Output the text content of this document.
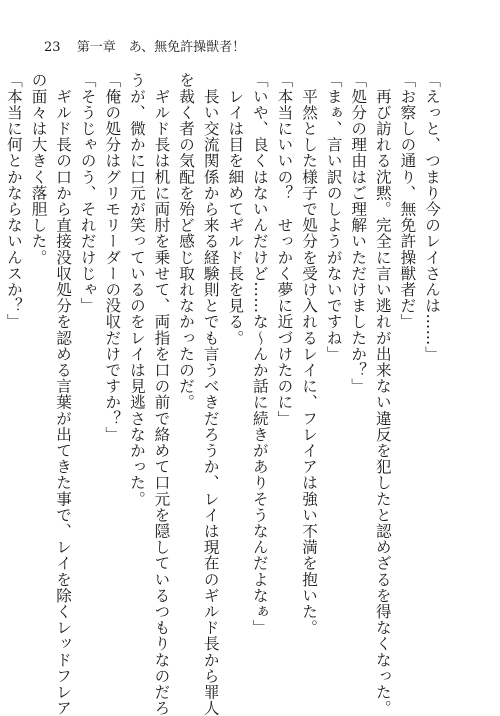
23 第一章　あ、無免許操獣者！

「えっと、つまり今のレイさんは……」

「お察しの通り、無免許操獣者だ」

　再び訪れる沈黙。完全に言い逃れが出来ない違反を犯したと認めざるを得なくなった。

「処分の理由はご理解いただけましたか？」

「まぁ、言い訳のしようがないですね」

　平然とした様子で処分を受け入れるレイに、フレイアは強い不満を抱いた。

「本当にいいの？　せっかく夢に近づけたのに」

「いや、良くはないんだけど……な〜んか話に続きがありそうなんだよなぁ」

　レイは目を細めてギルド長を見る。

　長い交流関係から来る経験則とでも言うべきだろうか、レイは現在のギルド長から罪人

を裁く者の気配を殆ど感じ取れなかったのだ。

　ギルド長は机に両肘を乗せて、両指を口の前で絡めて口元を隠しているつもりなのだろ

うが、微かに口元が笑っているのをレイは見逃さなかった。

「俺の処分はグリモリーダーの没収だけですか？」

「そうじゃのう、それだけじゃ」

　ギルド長の口から直接没収処分を認める言葉が出てきた事で、レイを除くレッドフレア

の面々は大きく落胆した。

「本当に何とかならないんスか？」
